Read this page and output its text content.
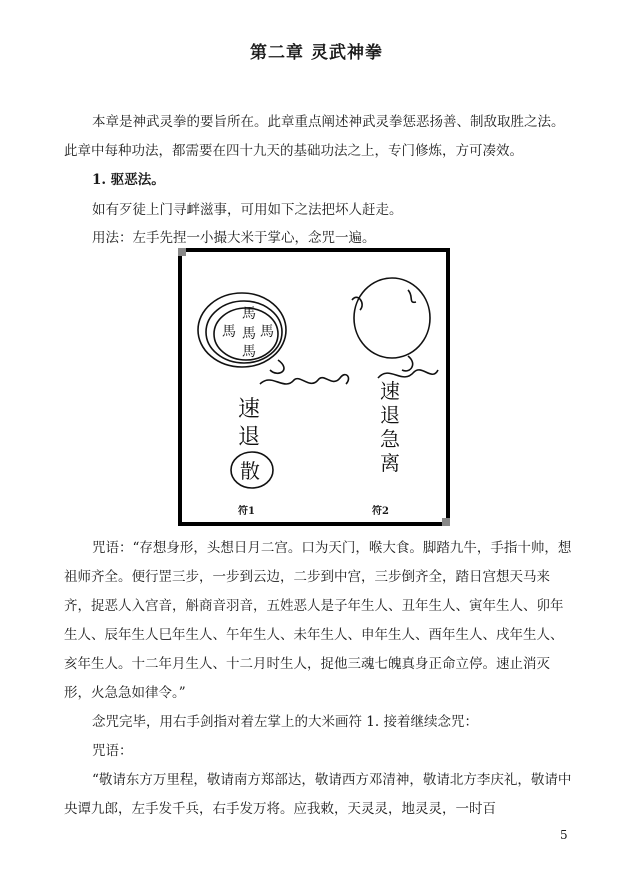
第二章 灵武神拳

本章是神武灵拳的要旨所在。此章重点阐述神武灵拳惩恶扬善、制敌取胜之法。此章中每种功法，都需要在四十九天的基础功法之上，专门修炼，方可凑效。

1. 驱恶法。

如有歹徒上门寻衅滋事，可用如下之法把坏人赶走。

用法：左手先捏一小撮大米于掌心，念咒一遍。

馬
馬 馬 馬
馬
速
退
散
速
退
急
离
符1	符2

咒语：“存想身形，头想日月二宫。口为天门，喉大食。脚踏九牛，手指十帅，想祖师齐全。便行罡三步，一步到云边，二步到中宫，三步倒齐全，踏日宫想天马来齐，捉恶人入宫音，斛商音羽音，五姓恶人是子年生人、丑年生人、寅年生人、卯年生人、辰年生人巳年生人、午年生人、未年生人、申年生人、酉年生人、戌年生人、亥年生人。十二年月生人、十二月时生人，捉他三魂七魄真身正命立停。速止消灭形，火急急如律令。”

念咒完毕，用右手剑指对着左掌上的大米画符 1. 接着继续念咒：

咒语：

“敬请东方万里程，敬请南方郑部达，敬请西方邓清神，敬请北方李庆礼，敬请中央谭九郎，左手发千兵，右手发万将。应我敕，天灵灵，地灵灵，一时百

5
